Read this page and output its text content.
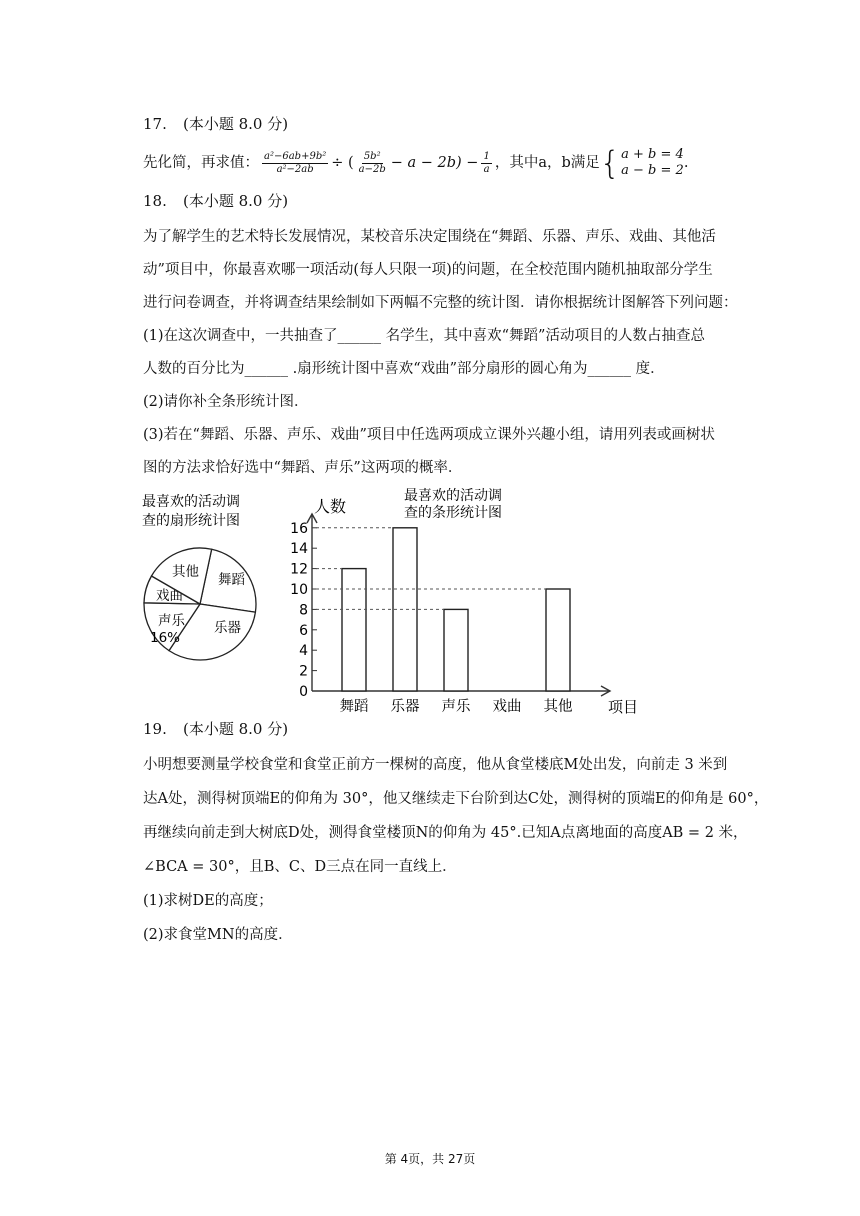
17. (本小题 8.0 分)
先化简，再求值： $\frac{\text{a²−6ab+9b²}}{\text{a²−2ab}}$ ÷ ( $\frac{\text{5b²}}{a-2b} - a - 2b) - \frac{1}{a}$ ，其中a，b满足 { a + b = 4
a − b = 2 .
18. (本小题 8.0 分)
为了解学生的艺术特长发展情况，某校音乐决定围绕在“舞蹈、乐器、声乐、戏曲、其他活
动”项目中，你最喜欢哪一项活动(每人只限一项)的问题，在全校范围内随机抽取部分学生
进行问卷调查，并将调查结果绘制如下两幅不完整的统计图．请你根据统计图解答下列问题：
(1)在这次调查中，一共抽查了______ 名学生，其中喜欢“舞蹈”活动项目的人数占抽查总
人数的百分比为______ .扇形统计图中喜欢“戏曲”部分扇形的圆心角为______ 度．
(2)请你补全条形统计图．
(3)若在“舞蹈、乐器、声乐、戏曲”项目中任选两项成立课外兴趣小组，请用列表或画树状
图的方法求恰好选中“舞蹈、声乐”这两项的概率．
最喜欢的活动调
查的扇形统计图
舞蹈
乐器
声乐
16%
戏曲
其他
最喜欢的活动调
查的条形统计图
人数
项目
0
2
4
6
8
10
12
14
16
舞蹈 乐器 声乐 戏曲 其他
19. (本小题 8.0 分)
小明想要测量学校食堂和食堂正前方一棵树的高度，他从食堂楼底M处出发，向前走 3 米到
达A处，测得树顶端E的仰角为 30°，他又继续走下台阶到达C处，测得树的顶端E的仰角是 60°，
再继续向前走到大树底D处，测得食堂楼顶N的仰角为 45°.已知A点离地面的高度AB = 2 米，
∠BCA = 30°，且B、C、D三点在同一直线上．
(1)求树DE的高度；
(2)求食堂MN的高度．
第 4页，共 27页
